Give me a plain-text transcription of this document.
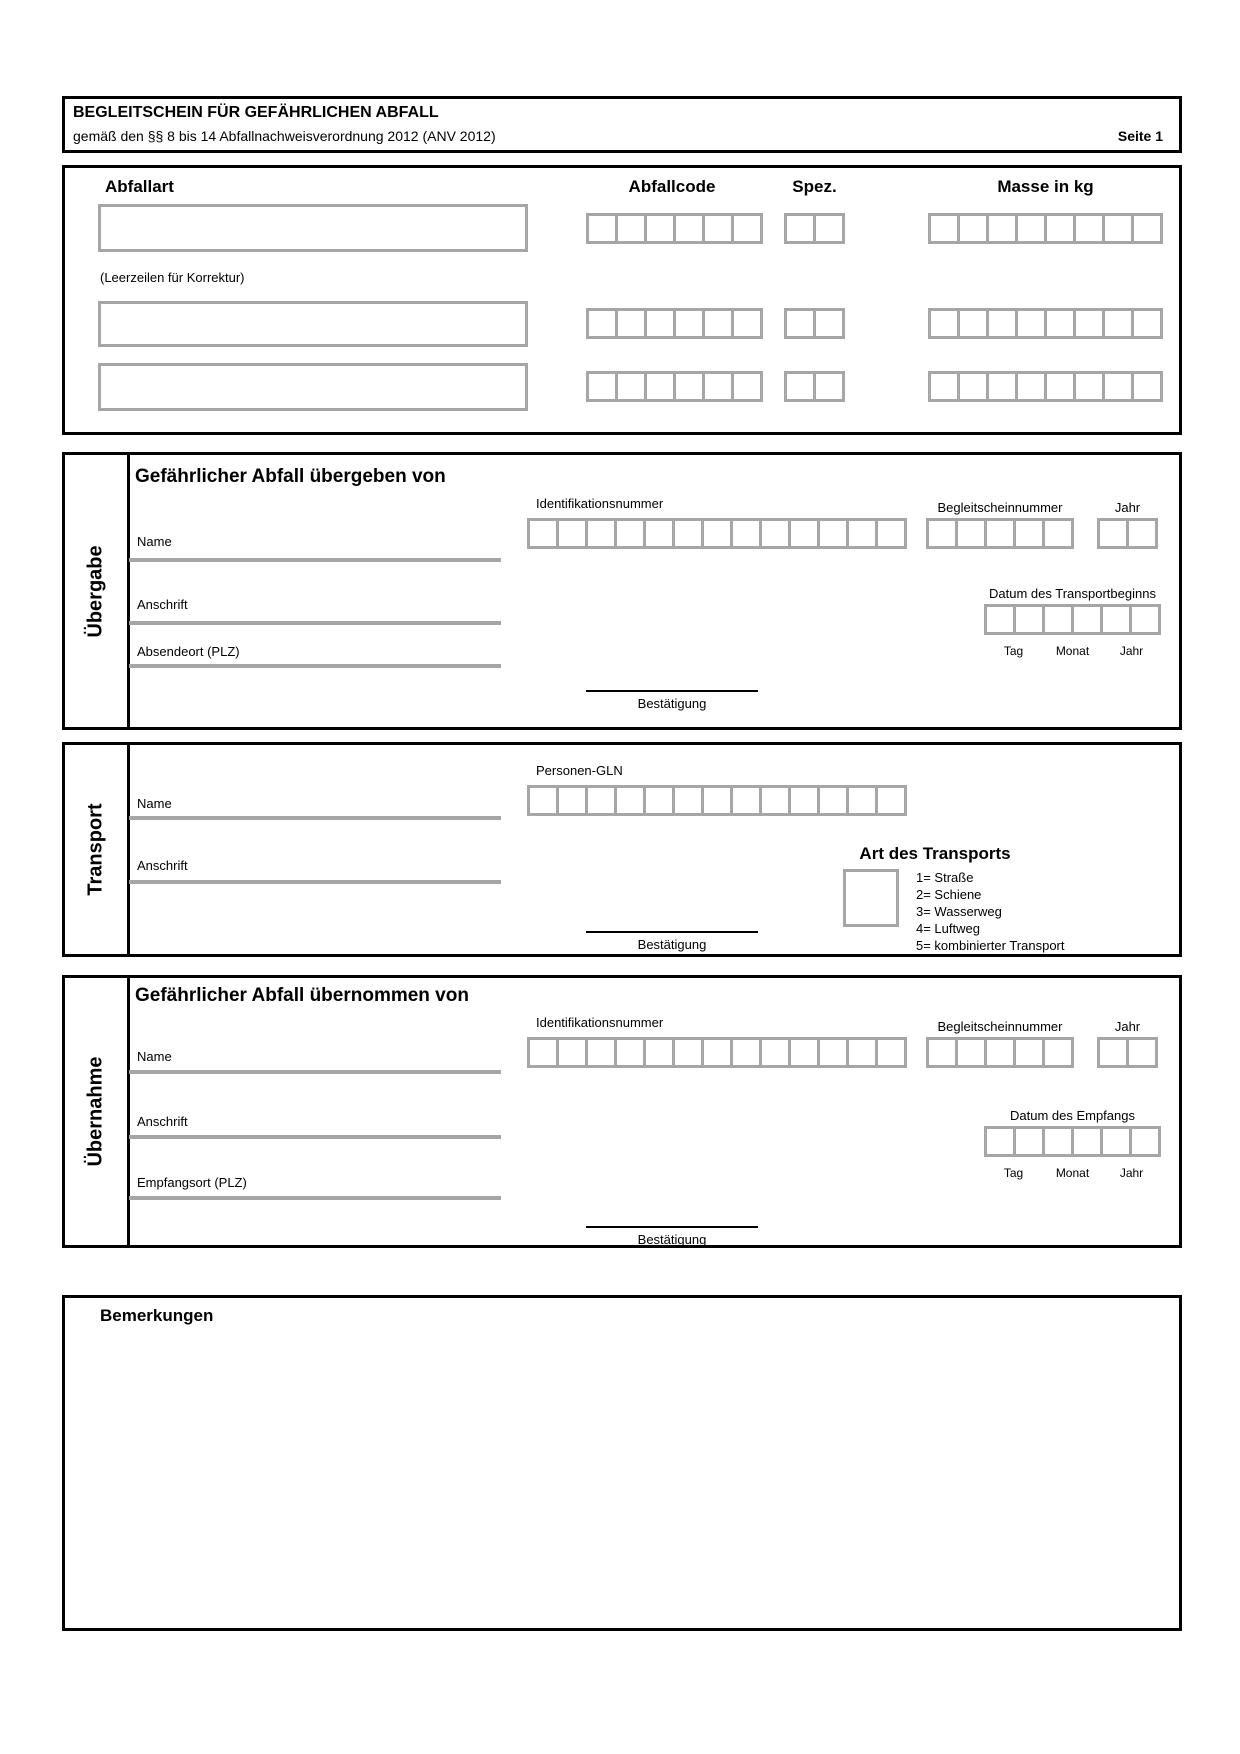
BEGLEITSCHEIN FÜR GEFÄHRLICHEN ABFALL
gemäß den §§ 8 bis 14 Abfallnachweisverordnung 2012 (ANV 2012)	Seite 1
Abfallart	Abfallcode	Spez.	Masse in kg
(Leerzeilen für Korrektur)
Übergabe
Gefährlicher Abfall übergeben von
Identifikationsnummer	Begleitscheinnummer	Jahr
Name
Anschrift
Absendeort (PLZ)
Datum des Transportbeginns
Tag	Monat	Jahr
Bestätigung
Transport
Personen-GLN
Name
Anschrift
Art des Transports
1= Straße
2= Schiene
3= Wasserweg
4= Luftweg
5= kombinierter Transport
Bestätigung
Übernahme
Gefährlicher Abfall übernommen von
Identifikationsnummer	Begleitscheinnummer	Jahr
Name
Anschrift
Empfangsort (PLZ)
Datum des Empfangs
Tag	Monat	Jahr
Bestätigung
Bemerkungen
